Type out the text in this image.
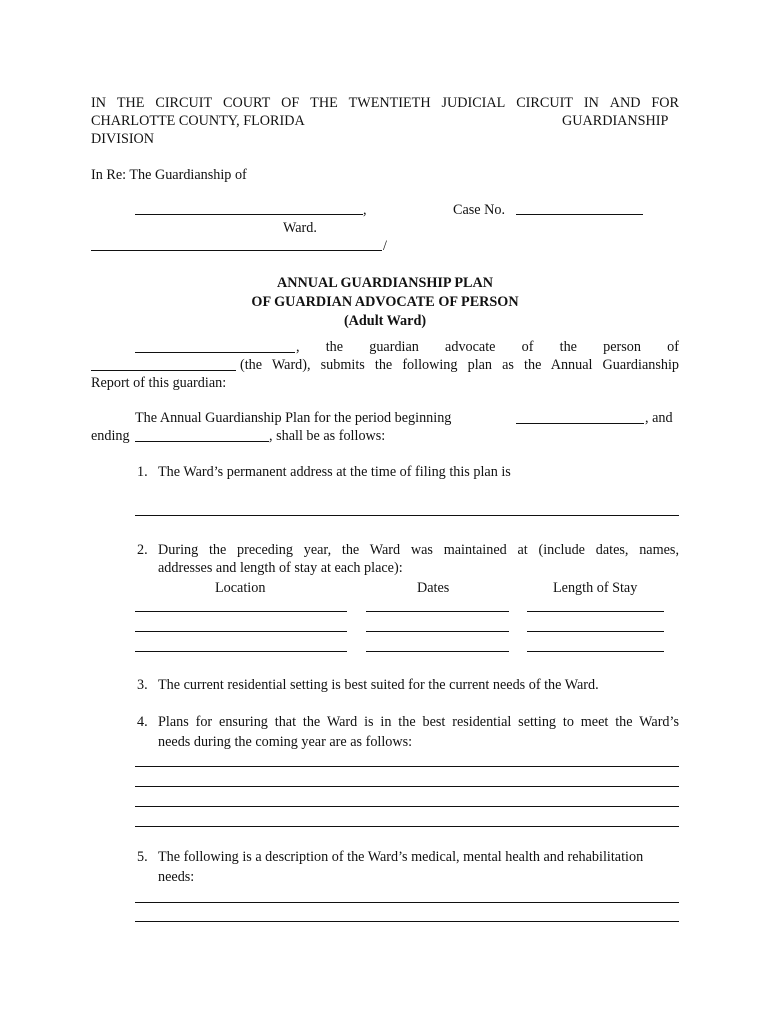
IN THE CIRCUIT COURT OF THE TWENTIETH JUDICIAL CIRCUIT IN AND FOR
CHARLOTTE COUNTY, FLORIDA	GUARDIANSHIP
DIVISION
In Re: The Guardianship of
,	Case No.
Ward.
/
ANNUAL GUARDIANSHIP PLAN
OF GUARDIAN ADVOCATE OF PERSON
(Adult Ward)
, the guardian advocate of the person of
(the Ward), submits the following plan as the Annual Guardianship
Report of this guardian:
The Annual Guardianship Plan for the period beginning	, and
ending	, shall be as follows:
1. The Ward’s permanent address at the time of filing this plan is
2. During the preceding year, the Ward was maintained at (include dates, names,
addresses and length of stay at each place):
Location	Dates	Length of Stay
3. The current residential setting is best suited for the current needs of the Ward.
4. Plans for ensuring that the Ward is in the best residential setting to meet the Ward’s
needs during the coming year are as follows:
5. The following is a description of the Ward’s medical, mental health and rehabilitation
needs:
